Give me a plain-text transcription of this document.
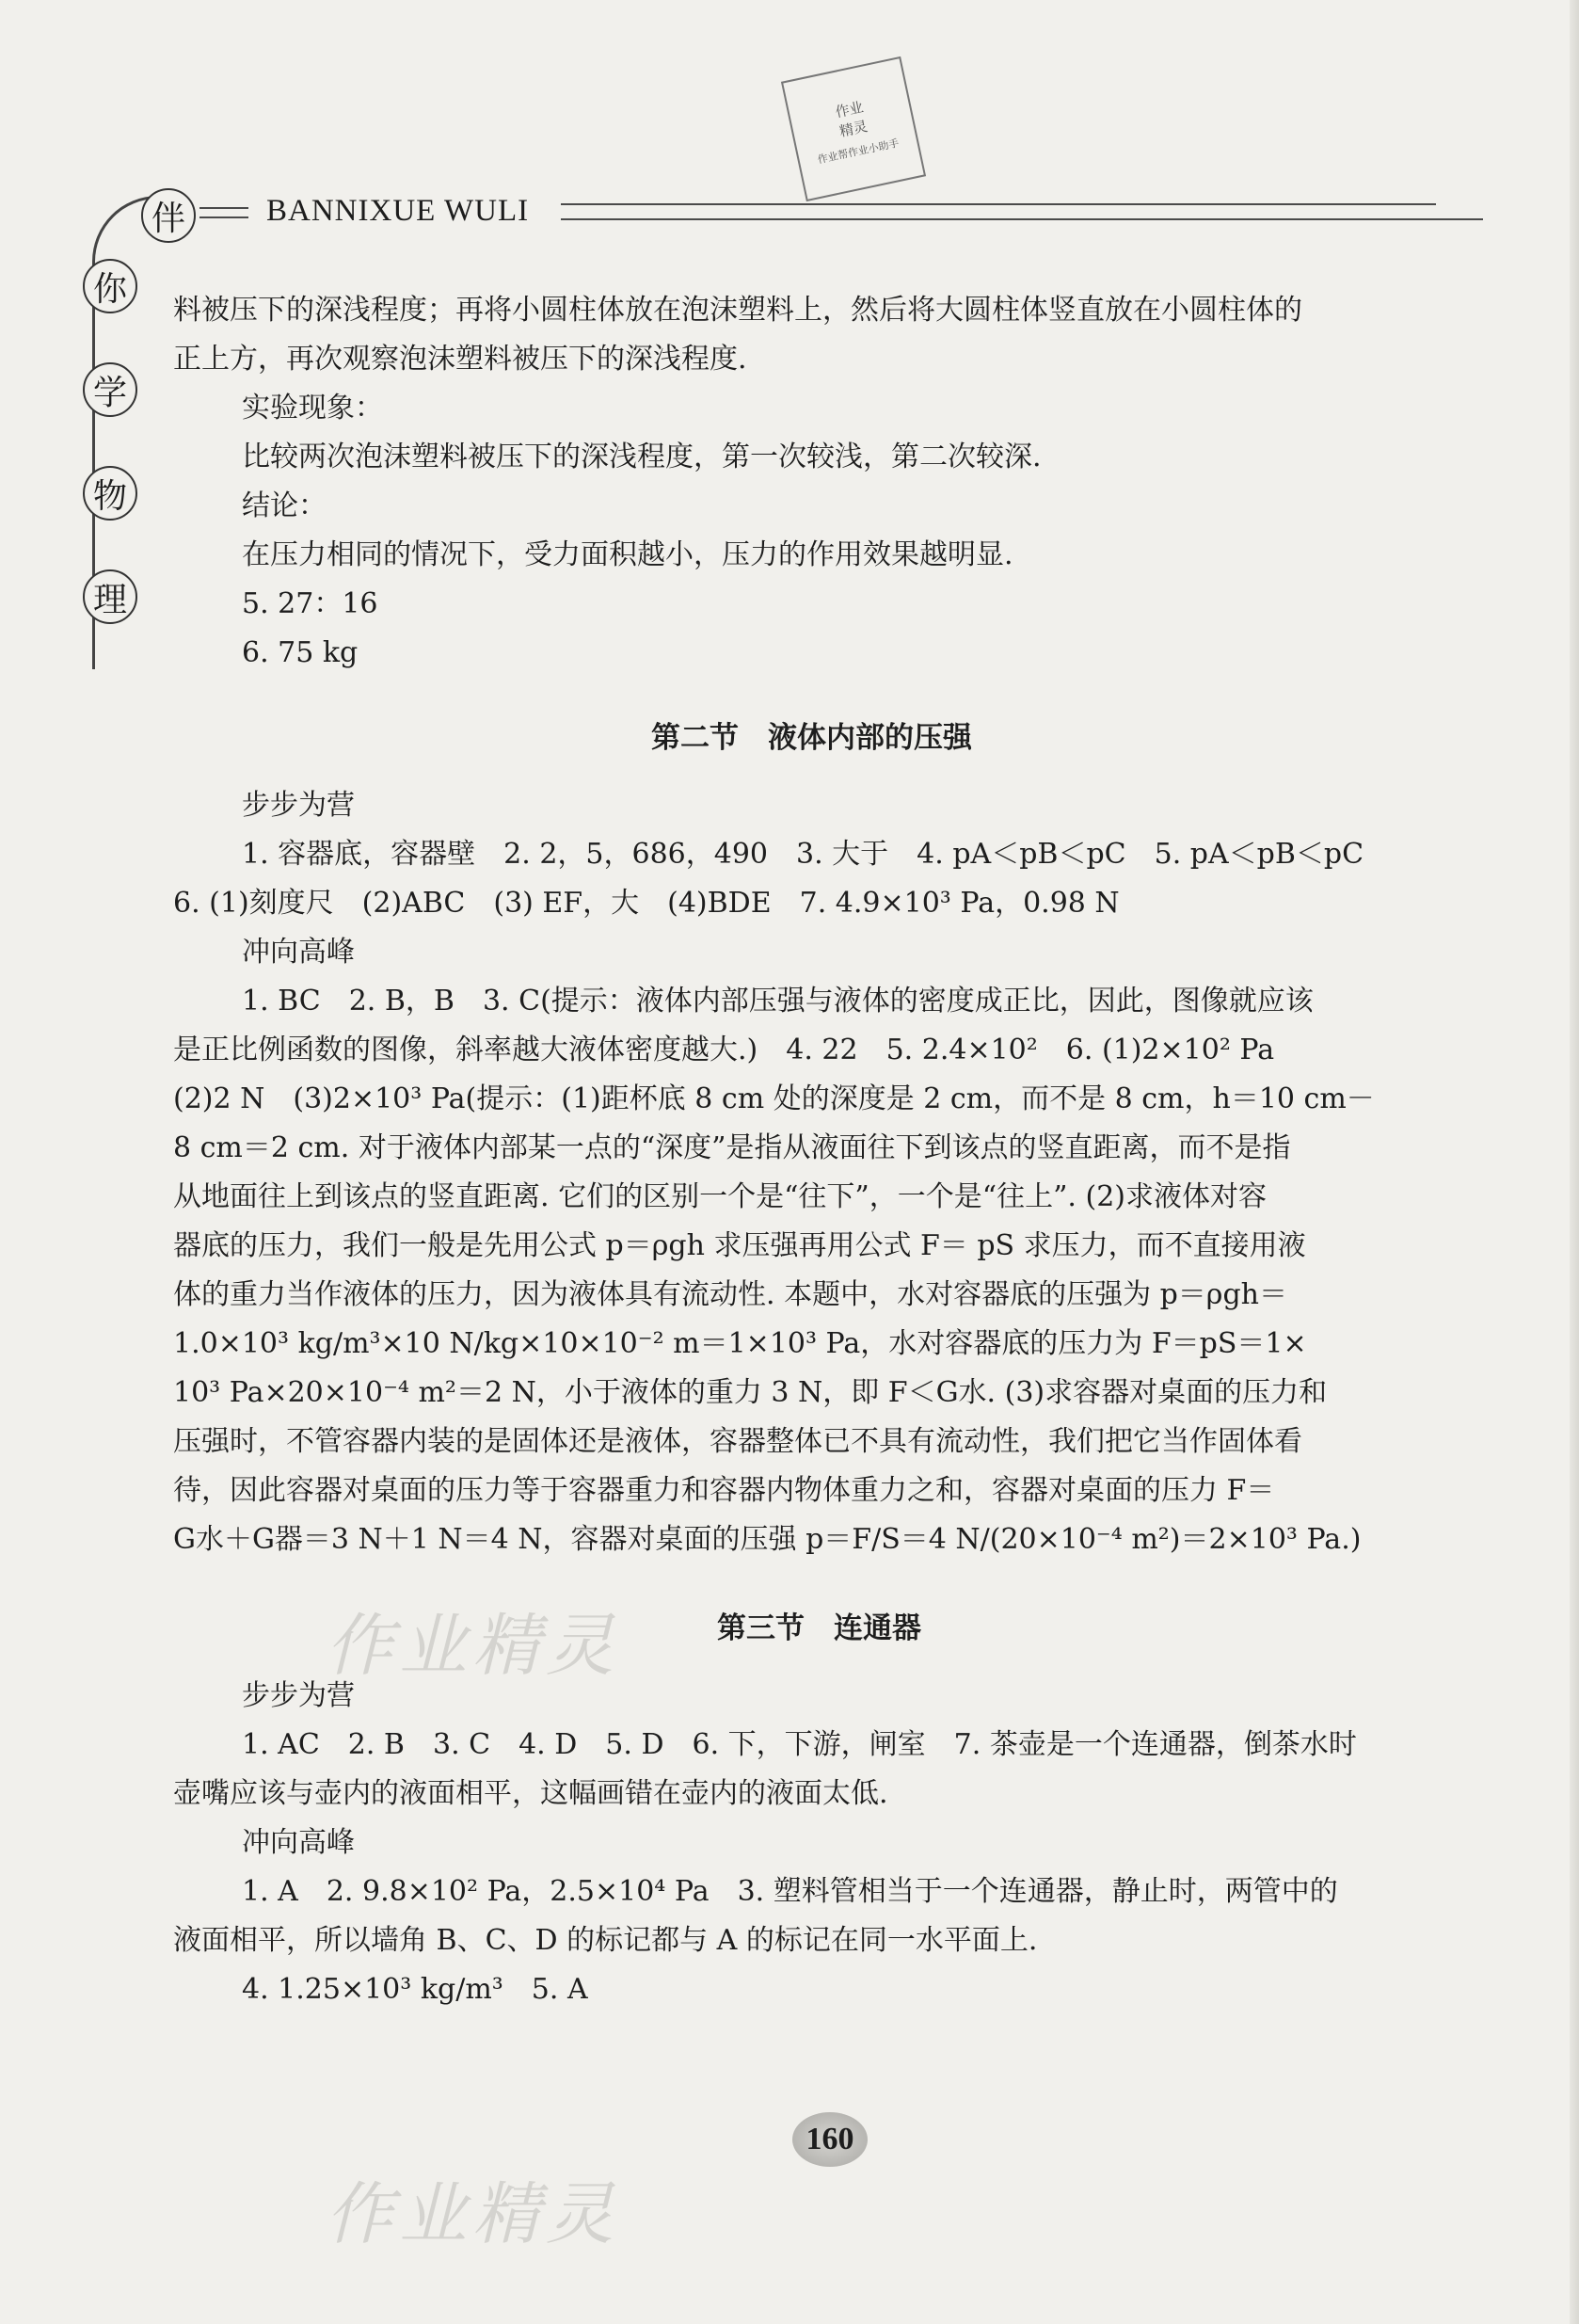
作业
精灵
作业帮作业小助手
BANNIXUE WULI
伴
你
学
物
理
料被压下的深浅程度；再将小圆柱体放在泡沫塑料上，然后将大圆柱体竖直放在小圆柱体的
正上方，再次观察泡沫塑料被压下的深浅程度.
实验现象：
比较两次泡沫塑料被压下的深浅程度，第一次较浅，第二次较深.
结论：
在压力相同的情况下，受力面积越小，压力的作用效果越明显.
5. 27：16
6. 75 kg
第二节　液体内部的压强
步步为营
1. 容器底，容器壁　2. 2，5，686，490　3. 大于　4. pA＜pB＜pC　5. pA＜pB＜pC
6. (1)刻度尺　(2)ABC　(3) EF，大　(4)BDE　7. 4.9×10³ Pa，0.98 N
冲向高峰
1. BC　2. B，B　3. C(提示：液体内部压强与液体的密度成正比，因此，图像就应该
是正比例函数的图像，斜率越大液体密度越大.)　4. 22　5. 2.4×10²　6. (1)2×10² Pa
(2)2 N　(3)2×10³ Pa(提示：(1)距杯底 8 cm 处的深度是 2 cm，而不是 8 cm，h＝10 cm－
8 cm＝2 cm. 对于液体内部某一点的“深度”是指从液面往下到该点的竖直距离，而不是指
从地面往上到该点的竖直距离. 它们的区别一个是“往下”，一个是“往上”. (2)求液体对容
器底的压力，我们一般是先用公式 p＝ρgh 求压强再用公式 F＝ pS 求压力，而不直接用液
体的重力当作液体的压力，因为液体具有流动性. 本题中，水对容器底的压强为 p＝ρgh＝
1.0×10³ kg/m³×10 N/kg×10×10⁻² m＝1×10³ Pa，水对容器底的压力为 F＝pS＝1×
10³ Pa×20×10⁻⁴ m²＝2 N，小于液体的重力 3 N，即 F＜G水. (3)求容器对桌面的压力和
压强时，不管容器内装的是固体还是液体，容器整体已不具有流动性，我们把它当作固体看
待，因此容器对桌面的压力等于容器重力和容器内物体重力之和，容器对桌面的压力 F＝
G水＋G器＝3 N＋1 N＝4 N，容器对桌面的压强 p＝F/S＝4 N/(20×10⁻⁴ m²)＝2×10³ Pa.)
作业精灵	第三节　连通器
步步为营
1. AC　2. B　3. C　4. D　5. D　6. 下，下游，闸室　7. 茶壶是一个连通器，倒茶水时
壶嘴应该与壶内的液面相平，这幅画错在壶内的液面太低.
冲向高峰
1. A　2. 9.8×10² Pa，2.5×10⁴ Pa　3. 塑料管相当于一个连通器，静止时，两管中的
液面相平，所以墙角 B、C、D 的标记都与 A 的标记在同一水平面上.
4. 1.25×10³ kg/m³　5. A
160
作业精灵
